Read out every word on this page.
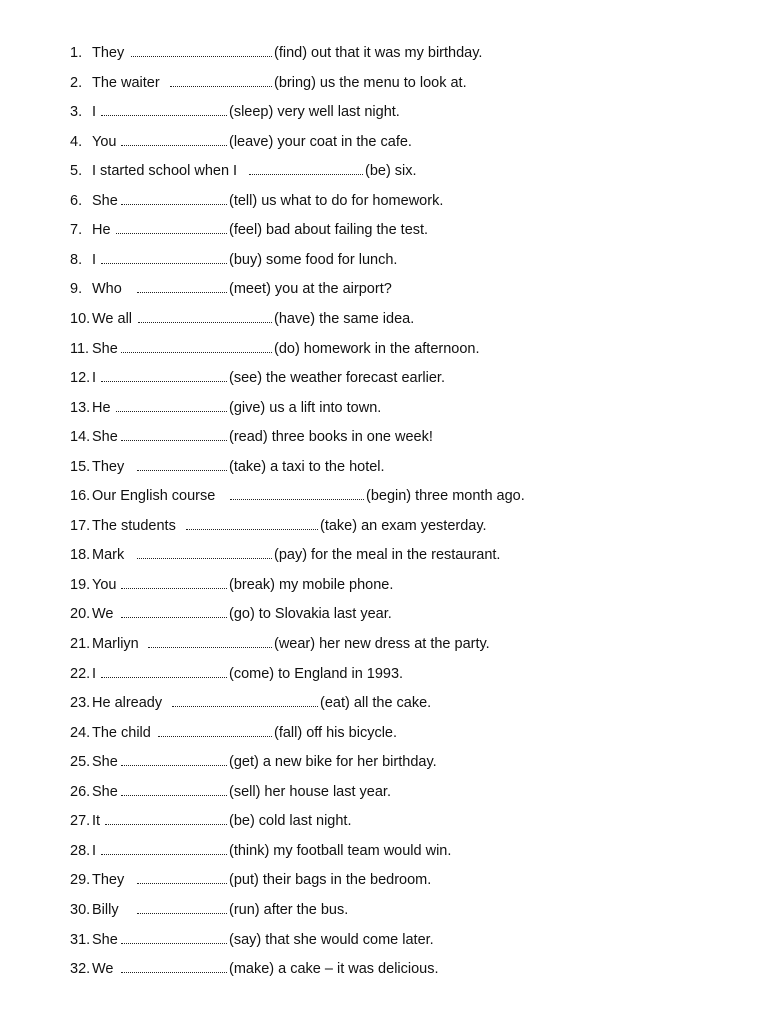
1. They	(find) out that it was my birthday.
2. The waiter	(bring) us the menu to look at.
3. I	(sleep) very well last night.
4. You	(leave) your coat in the cafe.
5. I started school when I	(be) six.
6. She	(tell) us what to do for homework.
7. He	(feel) bad about failing the test.
8. I	(buy) some food for lunch.
9. Who	(meet) you at the airport?
10. We all	(have) the same idea.
11. She	(do) homework in the afternoon.
12. I	(see) the weather forecast earlier.
13. He	(give) us a lift into town.
14. She	(read) three books in one week!
15. They	(take) a taxi to the hotel.
16. Our English course	(begin) three month ago.
17. The students	(take) an exam yesterday.
18. Mark	(pay) for the meal in the restaurant.
19. You	(break) my mobile phone.
20. We	(go) to Slovakia last year.
21. Marliyn	(wear) her new dress at the party.
22. I	(come) to England in 1993.
23. He already	(eat) all the cake.
24. The child	(fall) off his bicycle.
25. She	(get) a new bike for her birthday.
26. She	(sell) her house last year.
27. It	(be) cold last night.
28. I	(think) my football team would win.
29. They	(put) their bags in the bedroom.
30. Billy	(run) after the bus.
31. She	(say) that she would come later.
32. We	(make) a cake – it was delicious.
